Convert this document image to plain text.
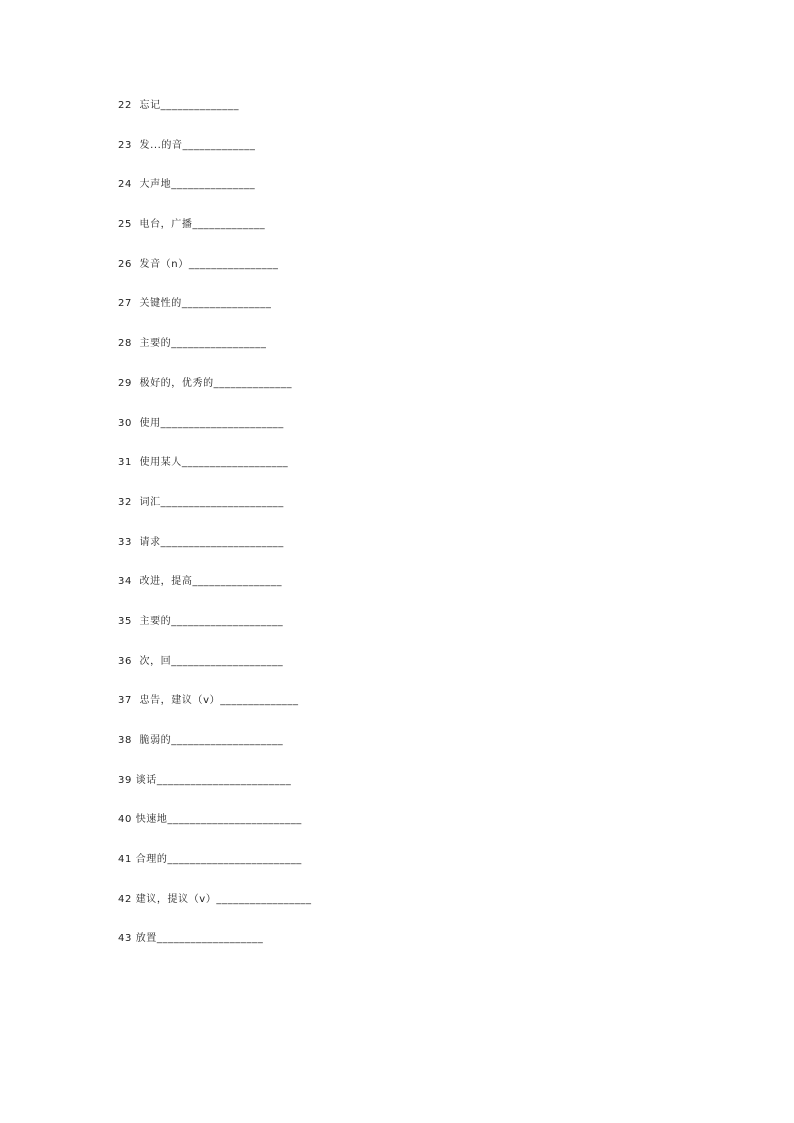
22  忘记______________
23  发...的音_____________
24  大声地_______________
25  电台，广播_____________
26  发音（n）________________
27  关键性的________________
28  主要的_________________
29  极好的，优秀的______________
30  使用______________________
31  使用某人___________________
32  词汇______________________
33  请求______________________
34  改进，提高________________
35  主要的____________________
36  次，回____________________
37  忠告，建议（v）______________
38  脆弱的____________________
39 谈话________________________
40 快速地________________________
41 合理的________________________
42 建议，提议（v）_________________
43 放置___________________
